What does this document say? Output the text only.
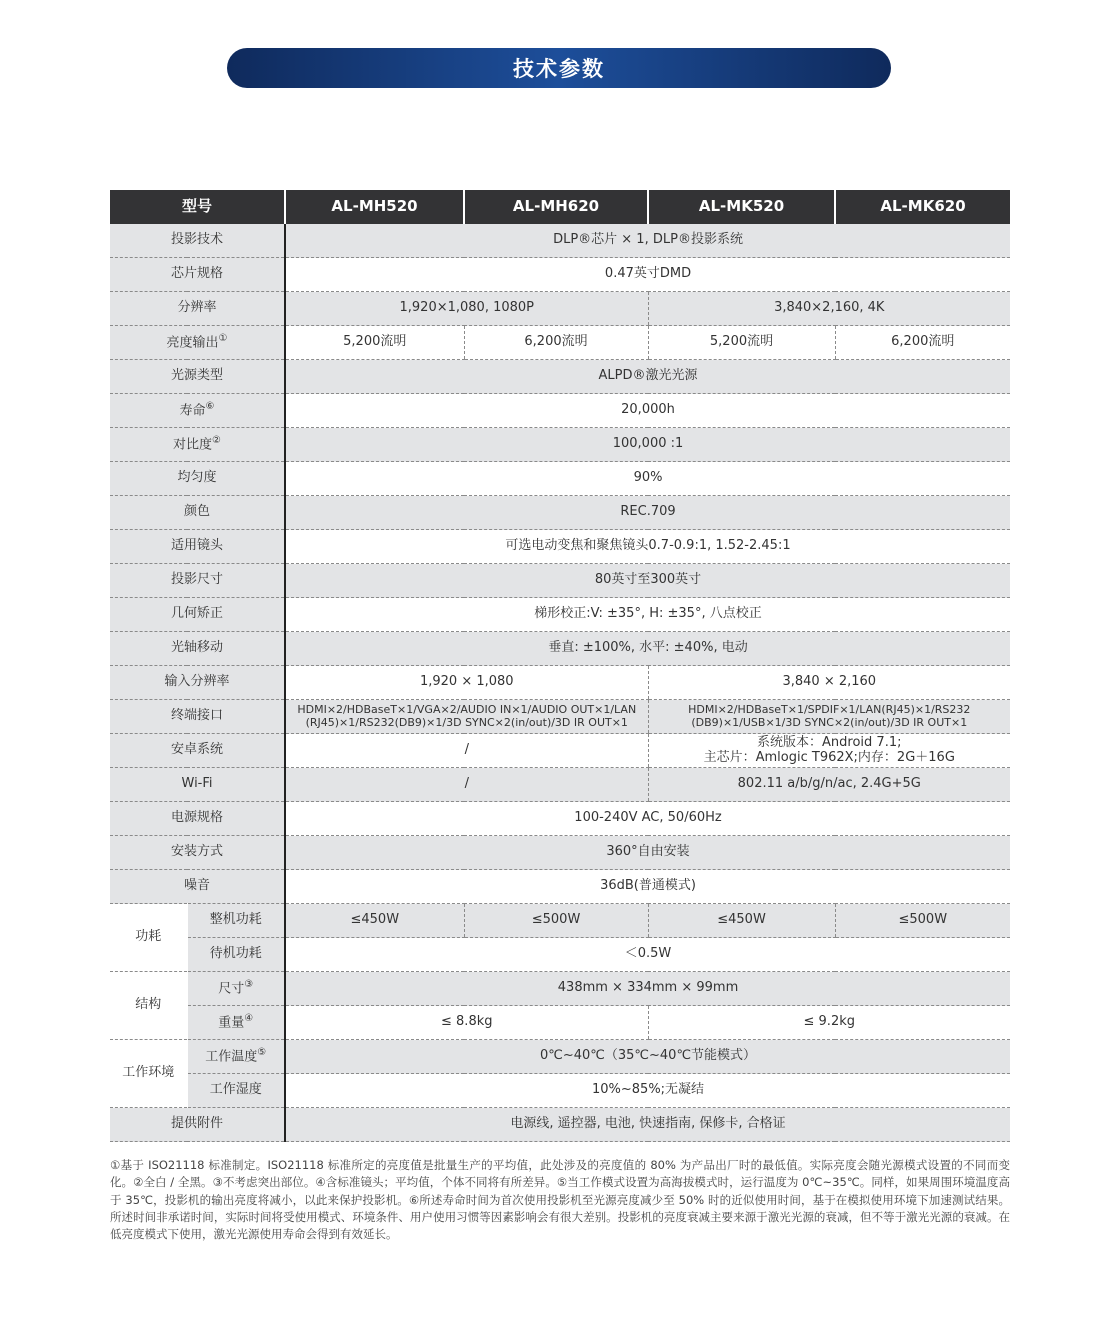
技术参数
型号		AL-MH520	AL-MH620	AL-MK520	AL-MK620
投影技术		DLP®芯片 × 1, DLP®投影系统			
芯片规格		0.47英寸DMD			
分辨率		1,920×1,080, 1080P		3,840×2,160, 4K	
亮度输出①		5,200流明	6,200流明	5,200流明	6,200流明
光源类型		ALPD®激光光源			
寿命⑥		20,000h			
对比度②		100,000 :1			
均匀度		90%			
颜色		REC.709			
适用镜头		可选电动变焦和聚焦镜头0.7-0.9:1, 1.52-2.45:1			
投影尺寸		80英寸至300英寸			
几何矫正		梯形校正:V: ±35°, H: ±35°, 八点校正			
光轴移动		垂直: ±100%, 水平: ±40%, 电动			
输入分辨率		1,920 × 1,080		3,840 × 2,160	
终端接口		HDMI×2/HDBaseT×1/VGA×2/AUDIO IN×1/AUDIO OUT×1/LAN (RJ45)×1/RS232(DB9)×1/3D SYNC×2(in/out)/3D IR OUT×1		HDMI×2/HDBaseT×1/SPDIF×1/LAN(RJ45)×1/RS232 (DB9)×1/USB×1/3D SYNC×2(in/out)/3D IR OUT×1	
安卓系统		/		系统版本：Android 7.1;
主芯片：Amlogic T962X;内存：2G＋16G	

Wi-Fi		/		802.11 a/b/g/n/ac, 2.4G+5G	
电源规格		100-240V AC, 50/60Hz			
安装方式		360°自由安装			
噪音		36dB(普通模式)			
功耗	整机功耗	≤450W	≤500W	≤450W	≤500W
	待机功耗	＜0.5W			
结构	尺寸③	438mm × 334mm × 99mm			
	重量④	≤ 8.8kg		≤ 9.2kg	
工作环境	工作温度⑤	0℃~40℃（35℃~40℃节能模式）			
	工作湿度	10%~85%;无凝结			
提供附件		电源线, 遥控器, 电池, 快速指南, 保修卡, 合格证			
①基于 ISO21118 标准制定。ISO21118 标准所定的亮度值是批量生产的平均值，此处涉及的亮度值的 80% 为产品出厂时的最低值。实际亮度会随光源模式设置的不同而变化。②全白 / 全黑。③不考虑突出部位。④含标准镜头；平均值，个体不同将有所差异。⑤当工作模式设置为高海拔模式时，运行温度为 0℃~35℃。同样，如果周围环境温度高于 35℃，投影机的输出亮度将减小，以此来保护投影机。⑥所述寿命时间为首次使用投影机至光源亮度减少至 50% 时的近似使用时间，基于在模拟使用环境下加速测试结果。所述时间非承诺时间，实际时间将受使用模式、环境条件、用户使用习惯等因素影响会有很大差别。投影机的亮度衰减主要来源于激光光源的衰减，但不等于激光光源的衰减。在低亮度模式下使用，激光光源使用寿命会得到有效延长。
